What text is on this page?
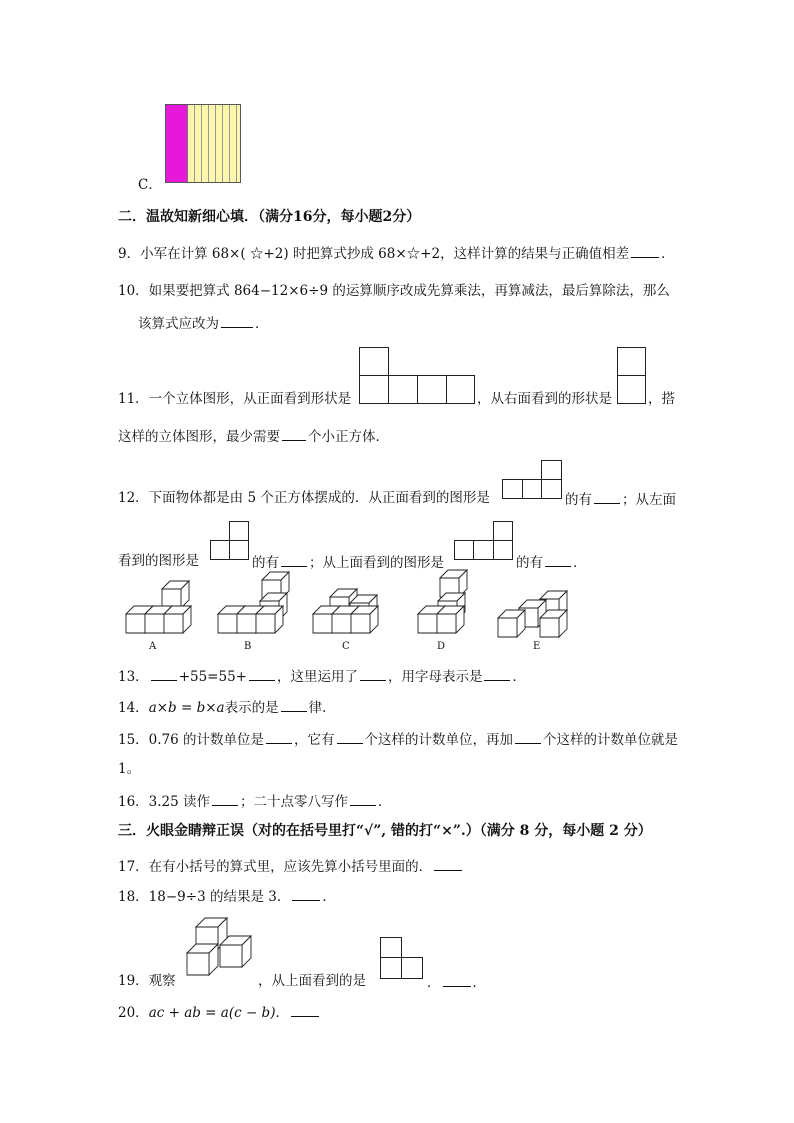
C．
二．温故知新细心填．（满分16分，每小题2分）
9．小军在计算 68×( ☆+2) 时把算式抄成 68×☆+2，这样计算的结果与正确值相差 ．
10．如果要把算式 864−12×6÷9 的运算顺序改成先算乘法，再算减法，最后算除法，那么
该算式应改为	．
11．一个立体图形，从正面看到形状是	，从右面看到的形状是	，搭
这样的立体图形，最少需要 个小正方体．
12．下面物体都是由 5 个正方体摆成的．从正面看到的图形是	的有 ；从左面
看到的图形是	的有 ；从上面看到的图形是	的有 ．
A	B	C	D	E
13． +55=55+ ，这里运用了 ，用字母表示是 ．
14．a×b = b×a表示的是 律．
15．0.76 的计数单位是 ，它有 个这样的计数单位，再加 个这样的计数单位就是
1。
16．3.25 读作 ；二十点零八写作 ．
三．火眼金睛辩正误（对的在括号里打“√”, 错的打“×”.）（满分 8 分，每小题 2 分）
17．在有小括号的算式里，应该先算小括号里面的．
18．18−9÷3 的结果是 3． ．
19．观察	，从上面看到的是	． ．
20．ac + ab = a(c − b)．
